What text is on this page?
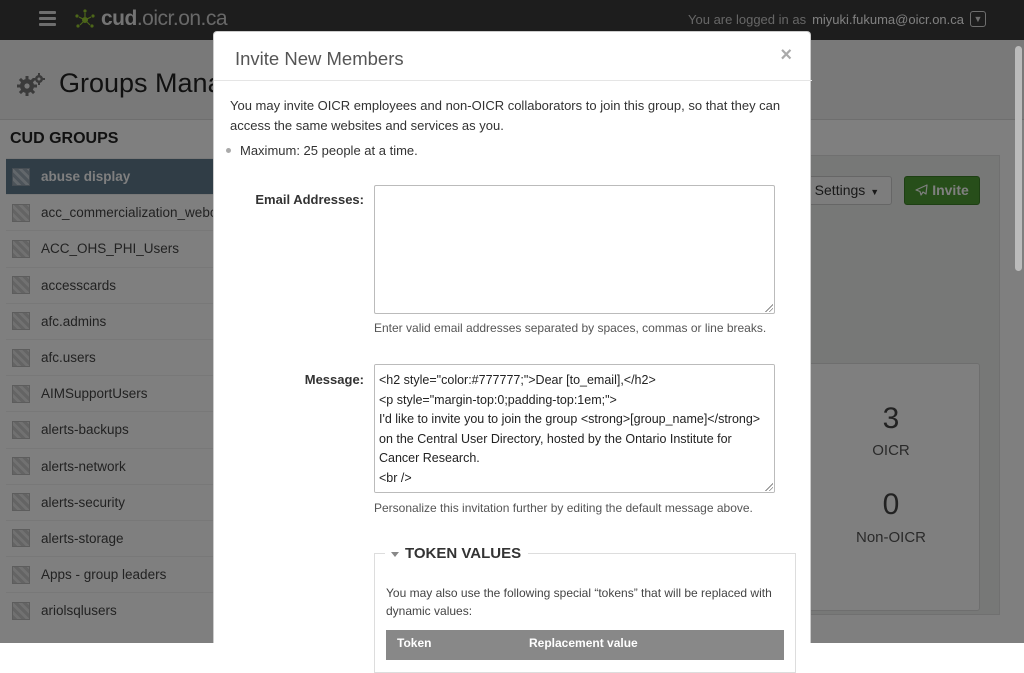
Invite New Members	×
You may invite OICR employees and non-OICR collaborators to join this group, so that they can access the same websites and services as you.
Maximum: 25 people at a time.
Email Addresses:
Enter valid email addresses separated by spaces, commas or line breaks.
Message:
<h2 style="color:#777777;">Dear [to_email],</h2> <p style="margin-top:0;padding-top:1em;"> I'd like to invite you to join the group <strong>[group_name]</strong> on the Central User Directory, hosted by the Ontario Institute for Cancer Research. <br />
Personalize this invitation further by editing the default message above.
TOKEN VALUES
You may also use the following special “tokens” that will be replaced with dynamic values:
Token	Replacement value
